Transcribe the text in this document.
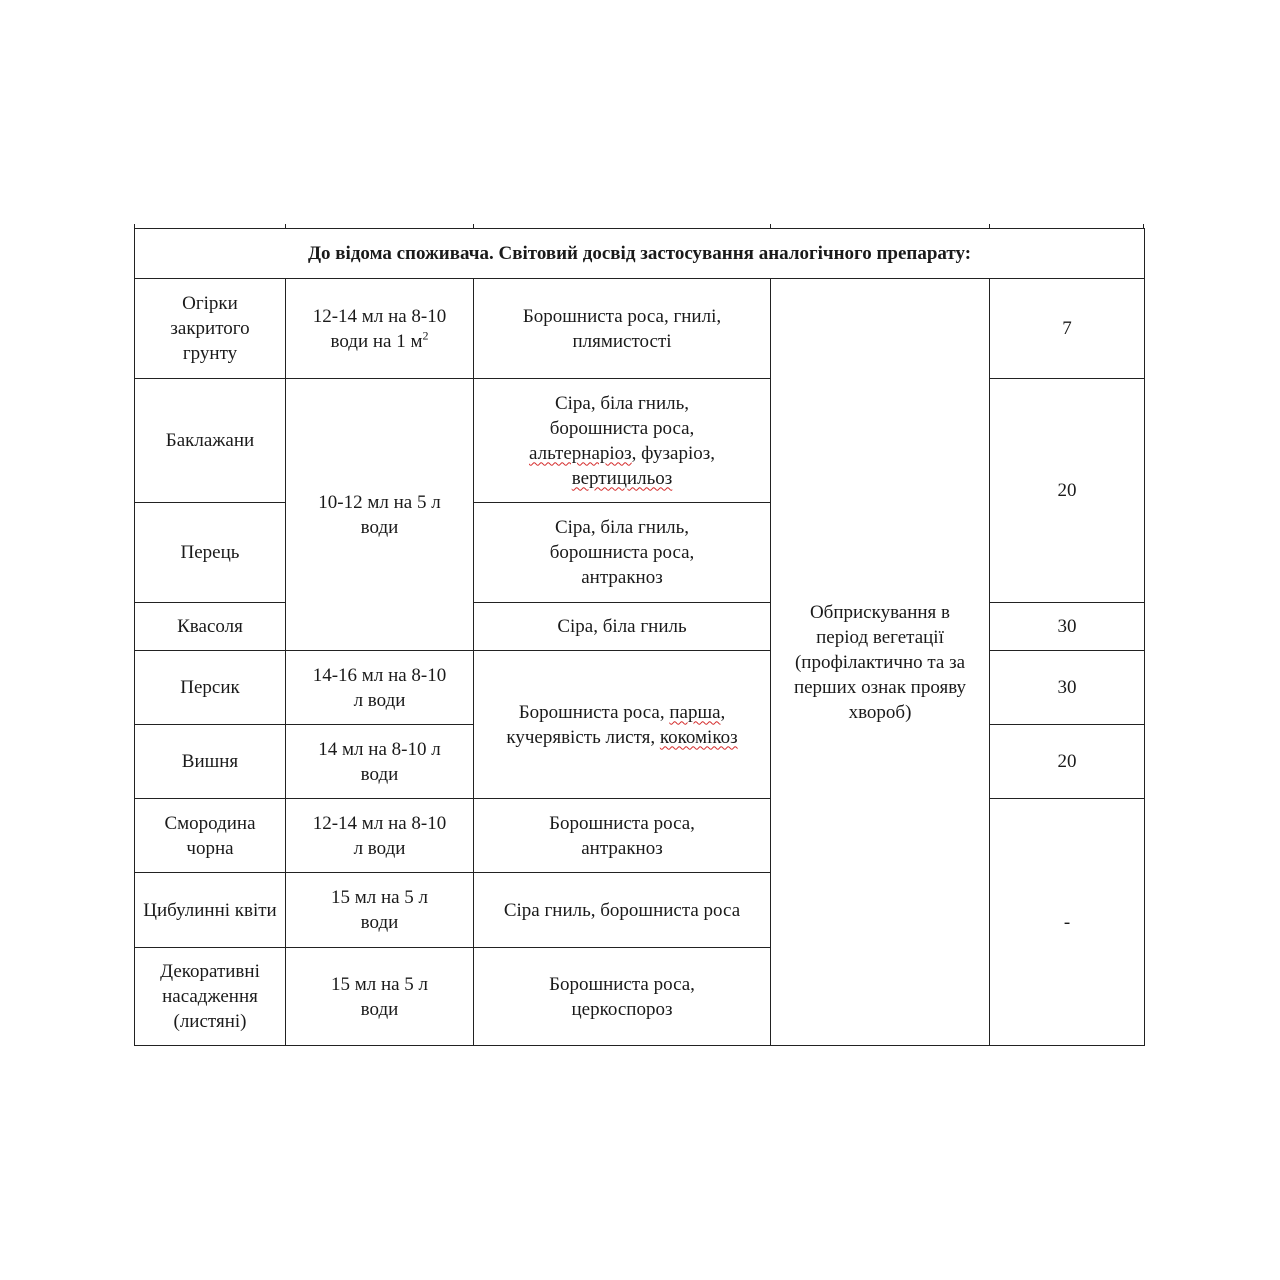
До відома споживача. Світовий досвід застосування аналогічного препарату:				
Огірки закритого грунту	12-14 мл на 8-10 води на 1 $м^2$	Борошниста роса, гнилі, плямистості	Обприскування в період вегетації (профілактично та за перших ознак прояву хвороб)	7
Баклажани	10-12 мл на 5 л води	Сіра, біла гниль, борошниста роса, альтернаріоз, фузаріоз, вертицильоз		20
Перець		Сіра, біла гниль, борошниста роса, антракноз		
Квасоля		Сіра, біла гниль		30
Персик	14-16 мл на 8-10 л води	Борошниста роса, парша, кучерявість листя, кокомікоз		30
Вишня	14 мл на 8-10 л води			20
Смородина чорна	12-14 мл на 8-10 л води	Борошниста роса, антракноз		-
Цибулинні квіти	15 мл на 5 л води	Сіра гниль, борошниста роса		
Декоративні насадження (листяні)	15 мл на 5 л води	Борошниста роса, церкоспороз		
